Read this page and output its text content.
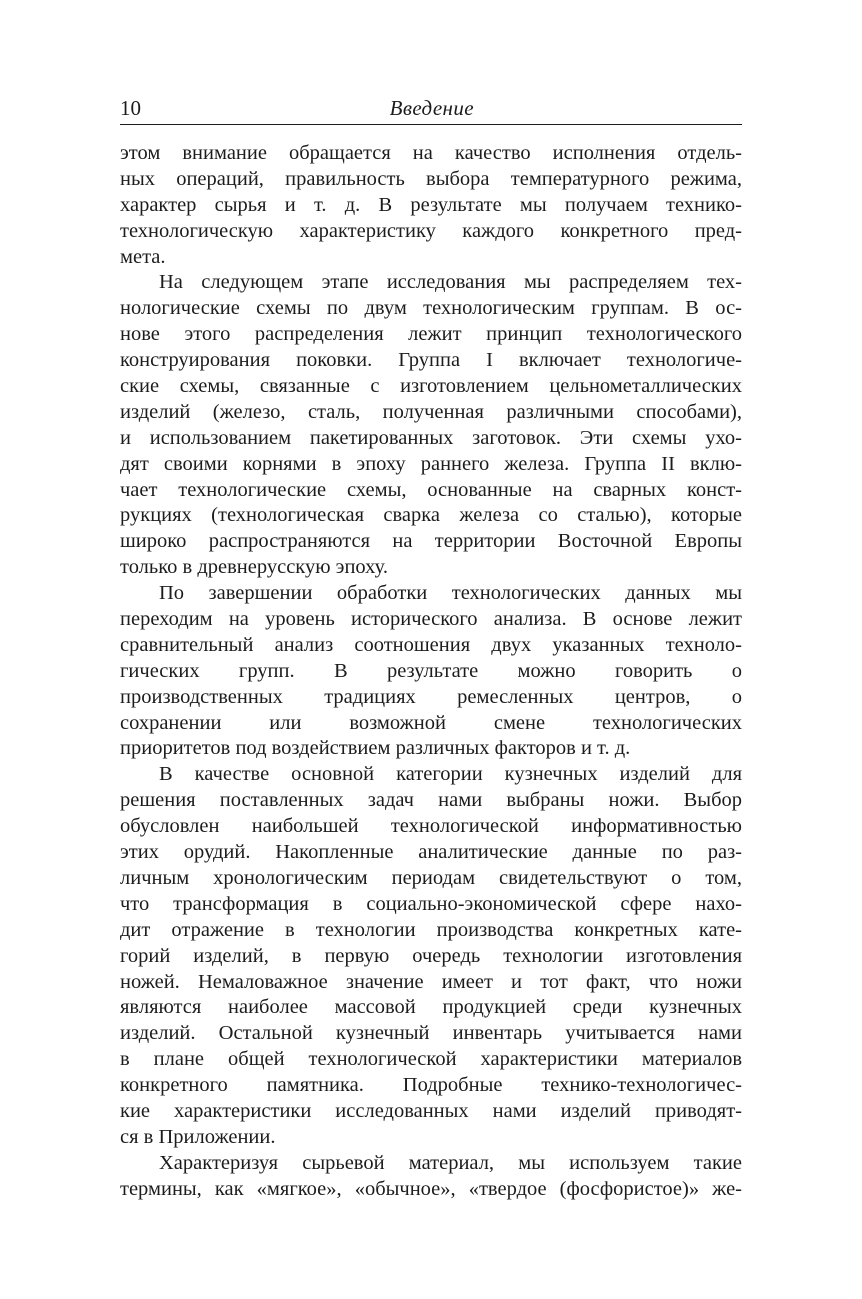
10	Введение
этом внимание обращается на качество исполнения отдель-
ных операций, правильность выбора температурного режима,
характер сырья и т. д. В результате мы получаем технико-
технологическую характеристику каждого конкретного пред-
мета.
На следующем этапе исследования мы распределяем тех-
нологические схемы по двум технологическим группам. В ос-
нове этого распределения лежит принцип технологического
конструирования поковки. Группа I включает технологиче-
ские схемы, связанные с изготовлением цельнометаллических
изделий (железо, сталь, полученная различными способами),
и использованием пакетированных заготовок. Эти схемы ухо-
дят своими корнями в эпоху раннего железа. Группа II вклю-
чает технологические схемы, основанные на сварных конст-
рукциях (технологическая сварка железа со сталью), которые
широко распространяются на территории Восточной Европы
только в древнерусскую эпоху.
По завершении обработки технологических данных мы
переходим на уровень исторического анализа. В основе лежит
сравнительный анализ соотношения двух указанных техноло-
гических групп. В результате можно говорить о
производственных традициях ремесленных центров, о
сохранении или возможной смене технологических
приоритетов под воздействием различных факторов и т. д.
В качестве основной категории кузнечных изделий для
решения поставленных задач нами выбраны ножи. Выбор
обусловлен наибольшей технологической информативностью
этих орудий. Накопленные аналитические данные по раз-
личным хронологическим периодам свидетельствуют о том,
что трансформация в социально-экономической сфере нахо-
дит отражение в технологии производства конкретных кате-
горий изделий, в первую очередь технологии изготовления
ножей. Немаловажное значение имеет и тот факт, что ножи
являются наиболее массовой продукцией среди кузнечных
изделий. Остальной кузнечный инвентарь учитывается нами
в плане общей технологической характеристики материалов
конкретного памятника. Подробные технико-технологичес-
кие характеристики исследованных нами изделий приводят-
ся в Приложении.
Характеризуя сырьевой материал, мы используем такие
термины, как «мягкое», «обычное», «твердое (фосфористое)» же-
